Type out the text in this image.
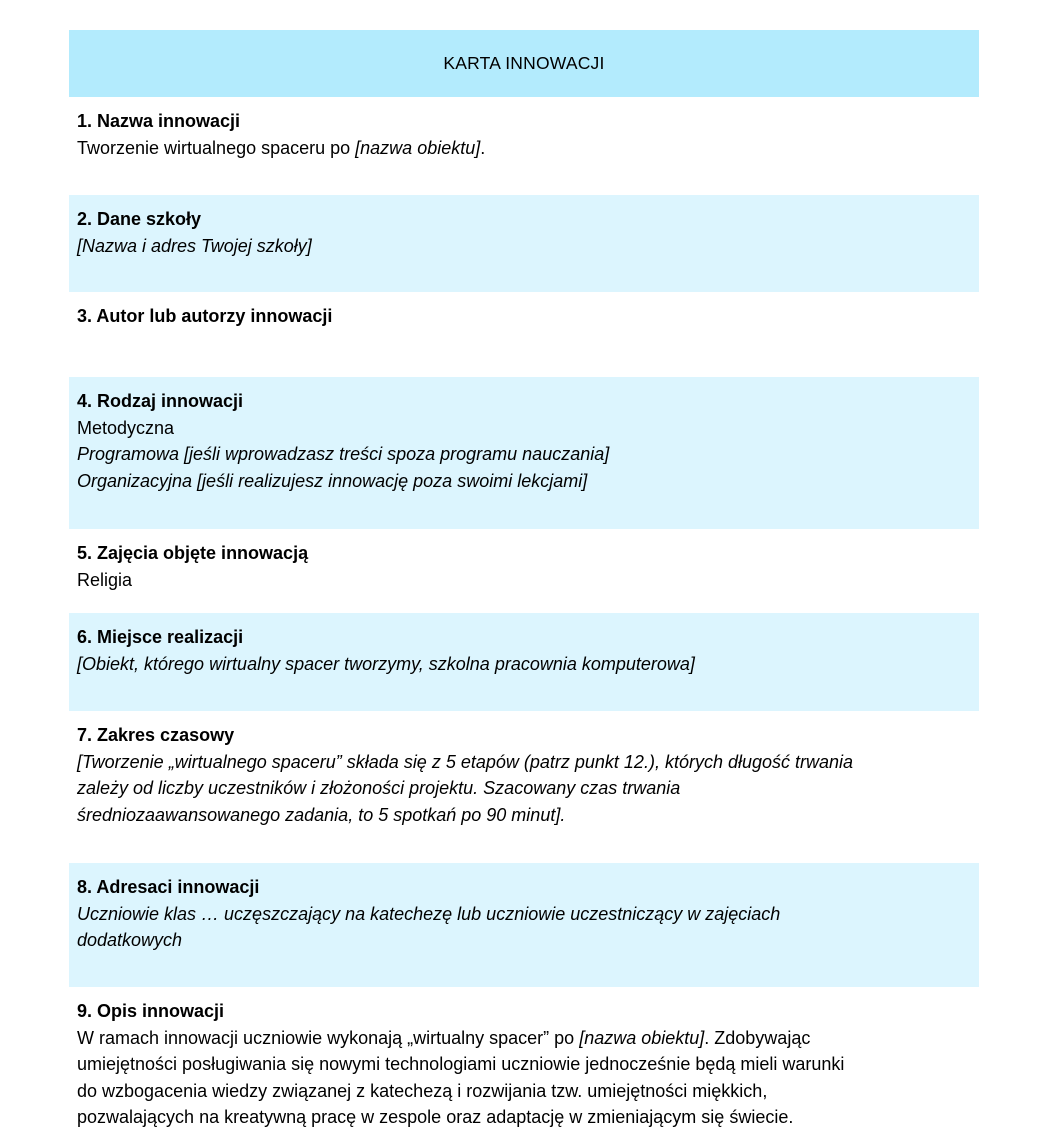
KARTA INNOWACJI
1. Nazwa innowacji
Tworzenie wirtualnego spaceru po [nazwa obiektu].
2. Dane szkoły
[Nazwa i adres Twojej szkoły]
3. Autor lub autorzy innowacji
4. Rodzaj innowacji
Metodyczna
Programowa [jeśli wprowadzasz treści spoza programu nauczania]
Organizacyjna [jeśli realizujesz innowację poza swoimi lekcjami]
5. Zajęcia objęte innowacją
Religia
6. Miejsce realizacji
[Obiekt, którego wirtualny spacer tworzymy, szkolna pracownia komputerowa]
7. Zakres czasowy
[Tworzenie „wirtualnego spaceru” składa się z 5 etapów (patrz punkt 12.), których długość trwania
zależy od liczby uczestników i złożoności projektu. Szacowany czas trwania
średniozaawansowanego zadania, to 5 spotkań po 90 minut].
8. Adresaci innowacji
Uczniowie klas … uczęszczający na katechezę lub uczniowie uczestniczący w zajęciach
dodatkowych
9. Opis innowacji
W ramach innowacji uczniowie wykonają „wirtualny spacer” po [nazwa obiektu]. Zdobywając
umiejętności posługiwania się nowymi technologiami uczniowie jednocześnie będą mieli warunki
do wzbogacenia wiedzy związanej z katechezą i rozwijania tzw. umiejętności miękkich,
pozwalających na kreatywną pracę w zespole oraz adaptację w zmieniającym się świecie.
